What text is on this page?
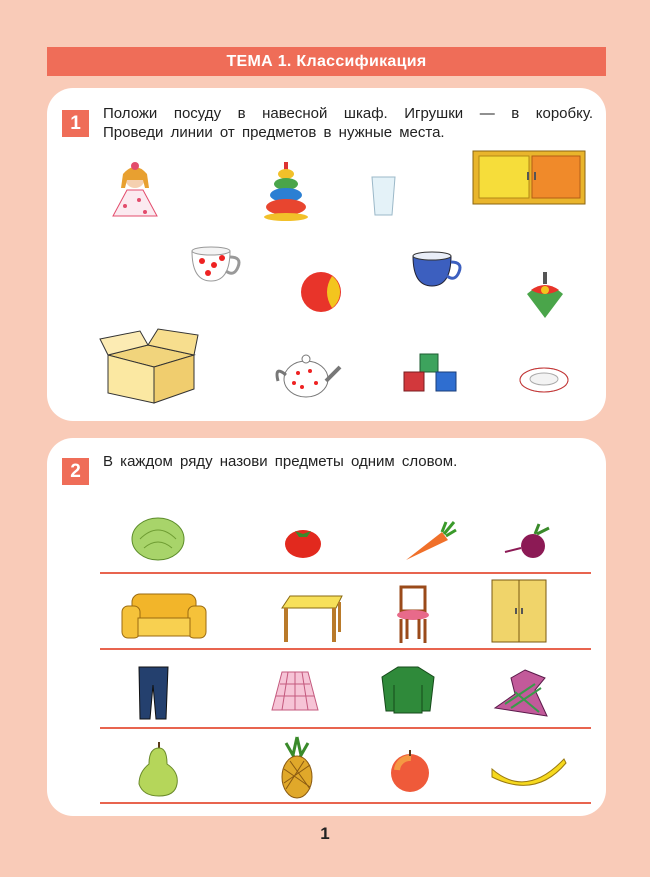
ТЕМА 1. Классификация
1	Положи посуду в навесной шкаф. Игрушки — в коробку.
Проведи линии от предметов в нужные места.
2	В каждом ряду назови предметы одним словом.
1
